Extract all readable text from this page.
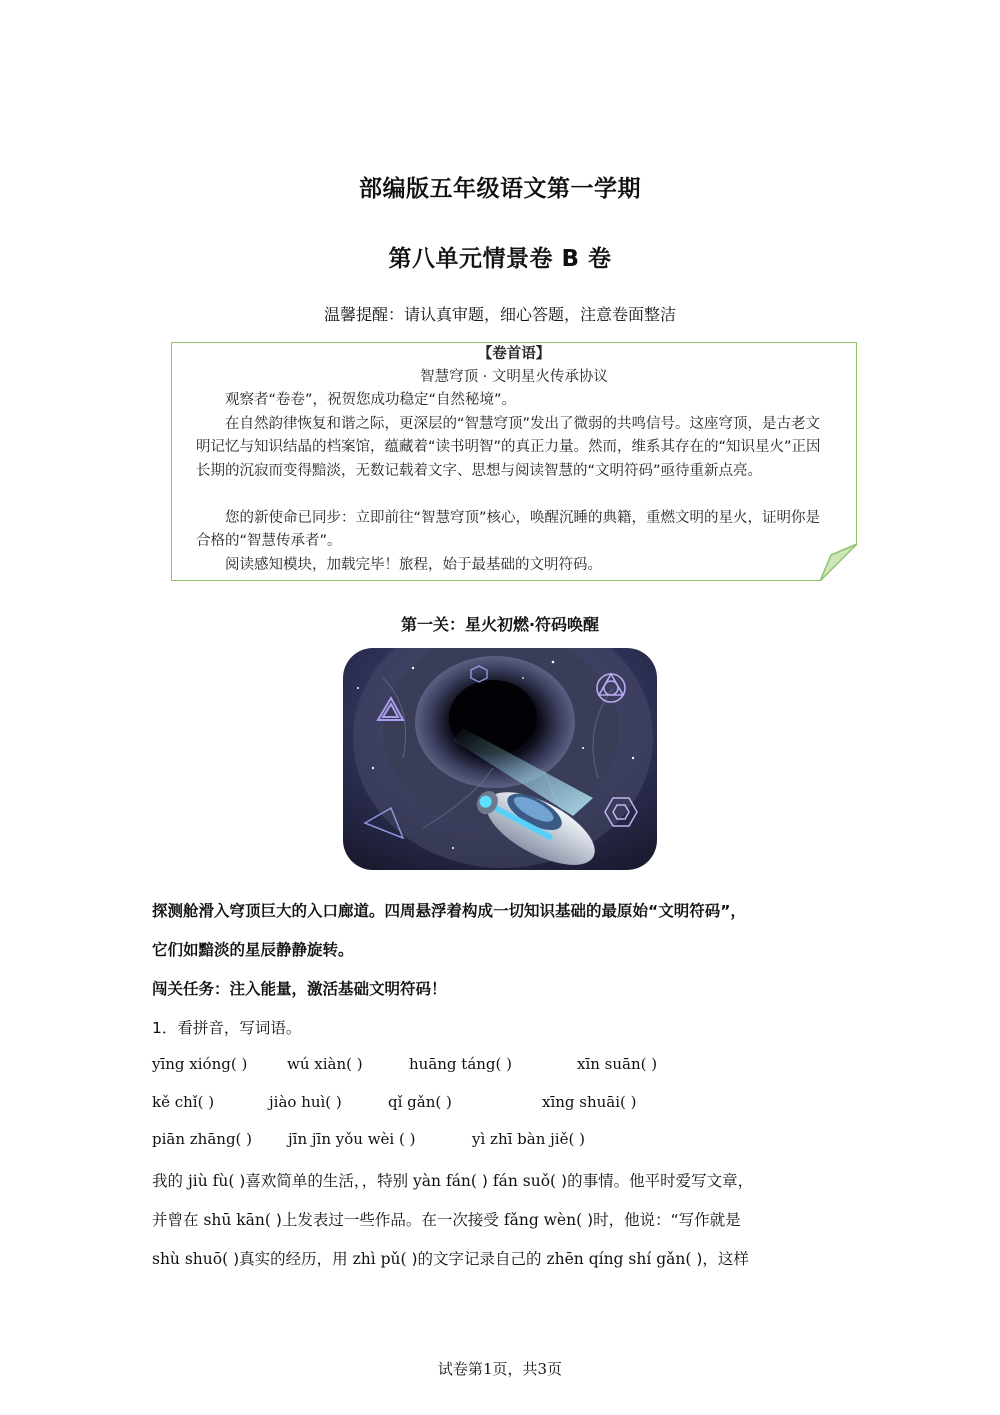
部编版五年级语文第一学期
第八单元情景卷 B 卷
温馨提醒：请认真审题，细心答题，注意卷面整洁
【卷首语】
智慧穹顶 · 文明星火传承协议

观察者“卷卷”，祝贺您成功稳定“自然秘境”。

在自然韵律恢复和谐之际，更深层的“智慧穹顶”发出了微弱的共鸣信号。这座穹顶，是古老文明记忆与知识结晶的档案馆，蕴藏着“读书明智”的真正力量。然而，维系其存在的“知识星火”正因长期的沉寂而变得黯淡，无数记载着文字、思想与阅读智慧的“文明符码”亟待重新点亮。

您的新使命已同步：立即前往“智慧穹顶”核心，唤醒沉睡的典籍，重燃文明的星火，证明你是合格的“智慧传承者”。

阅读感知模块，加载完毕！旅程，始于最基础的文明符码。

第一关：星火初燃·符码唤醒
探测舱滑入穹顶巨大的入口廊道。四周悬浮着构成一切知识基础的最原始“文明符码”，
它们如黯淡的星辰静静旋转。
闯关任务：注入能量，激活基础文明符码！
1．看拼音，写词语。
yīng xióng( )	wú xiàn( )	huāng táng( )	xīn suān( )
kě chǐ( )	jiào huì( )	qǐ gǎn( )	xīng shuāi( )
piān zhāng( ) jīn jīn yǒu wèi ( )	yì zhī bàn jiě( )
我的 jiù fù( )喜欢简单的生活，，特别 yàn fán( ) fán suǒ( )的事情。他平时爱写文章，
并曾在 shū kān( )上发表过一些作品。在一次接受 fǎng wèn( )时，他说：“写作就是
shù shuō( )真实的经历，用 zhì pǔ( )的文字记录自己的 zhēn qíng shí gǎn( )，这样
试卷第1页，共3页
